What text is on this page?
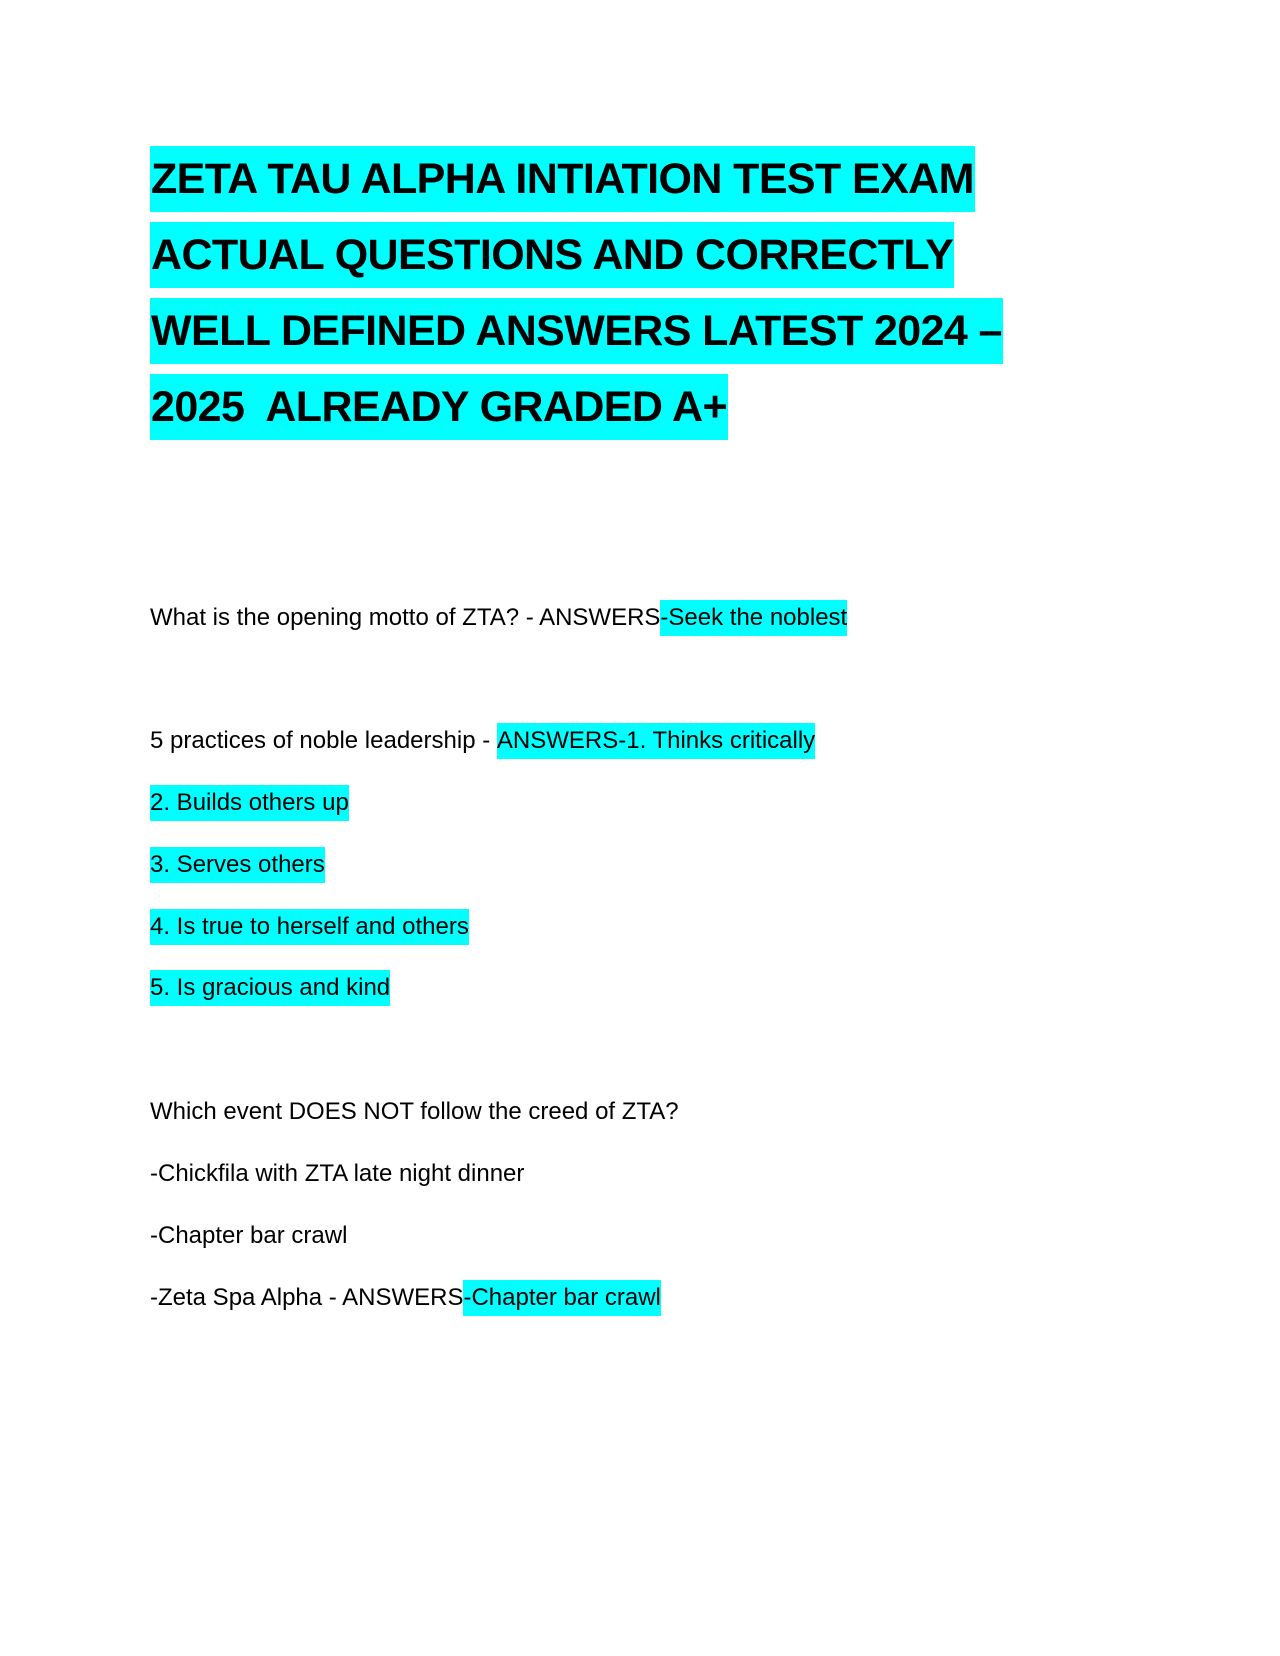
ZETA TAU ALPHA INTIATION TEST EXAM
ACTUAL QUESTIONS AND CORRECTLY
WELL DEFINED ANSWERS LATEST 2024 –
2025  ALREADY GRADED A+
What is the opening motto of ZTA? - ANSWERS-Seek the noblest
5 practices of noble leadership - ANSWERS-1. Thinks critically
2. Builds others up
3. Serves others
4. Is true to herself and others
5. Is gracious and kind
Which event DOES NOT follow the creed of ZTA?
-Chickfila with ZTA late night dinner
-Chapter bar crawl
-Zeta Spa Alpha - ANSWERS-Chapter bar crawl
